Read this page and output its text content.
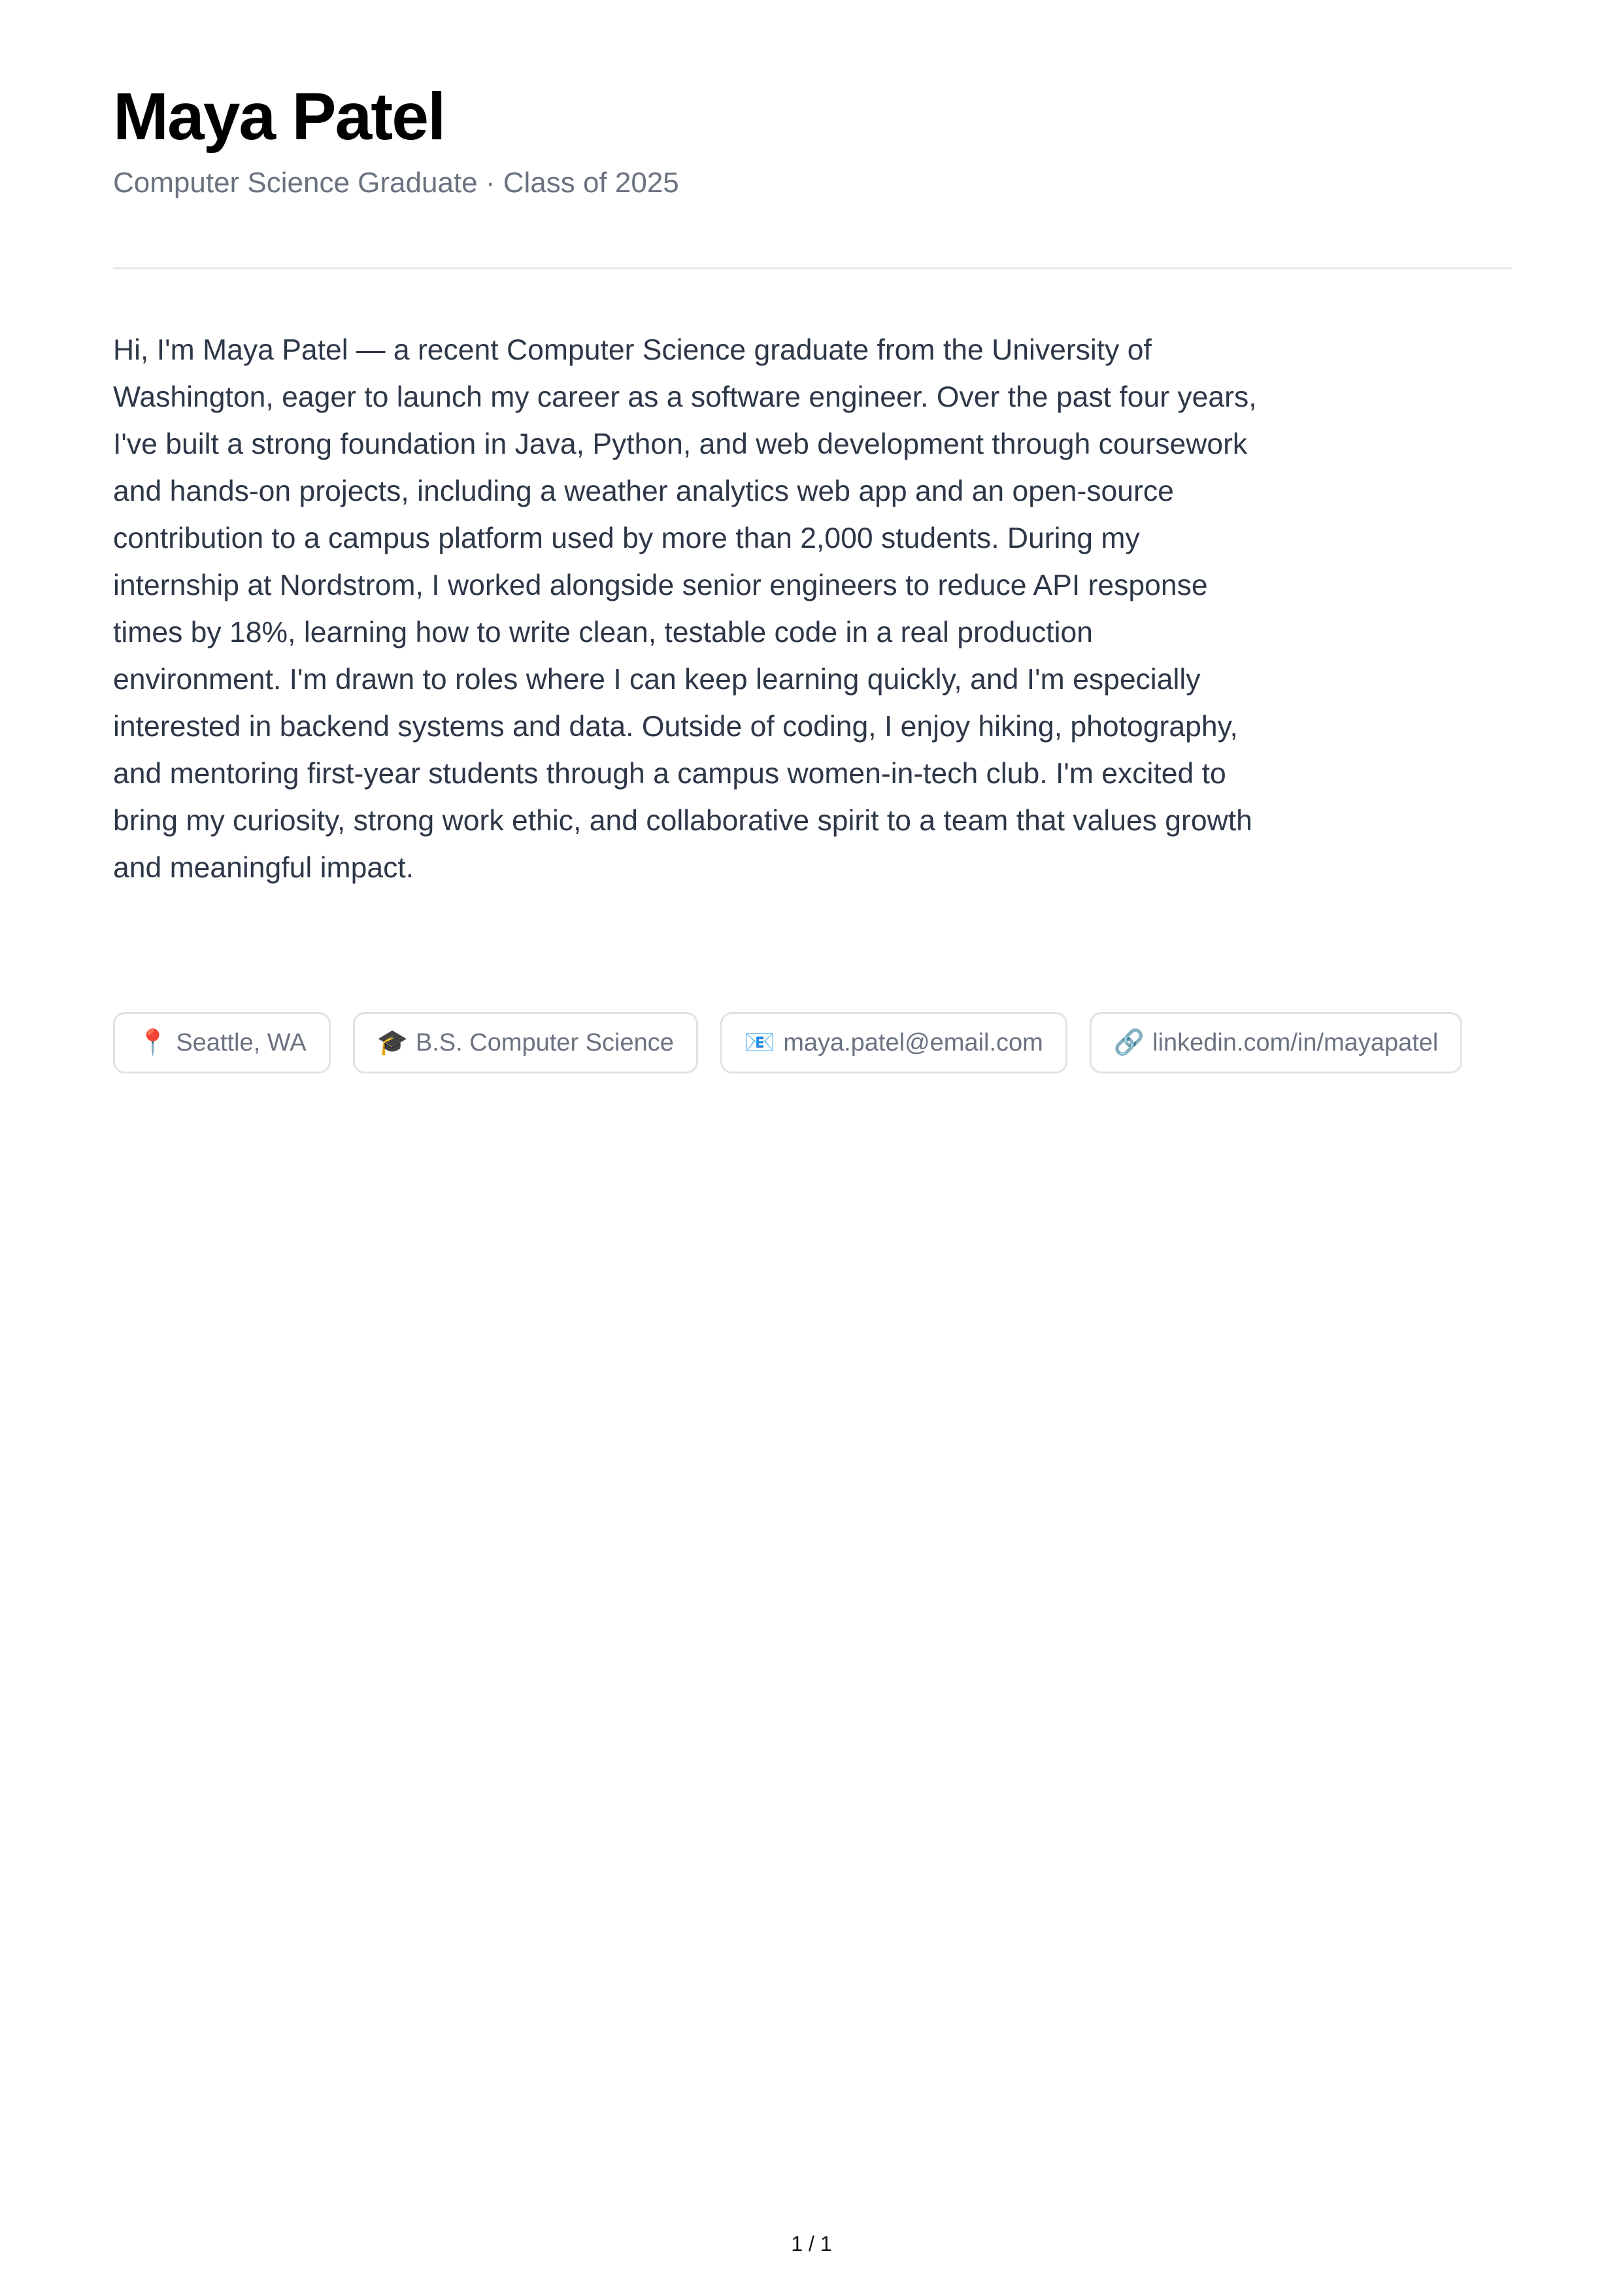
Maya Patel

Computer Science Graduate · Class of 2025

Hi, I'm Maya Patel — a recent Computer Science graduate from the University of Washington, eager to launch my career as a software engineer. Over the past four years, I've built a strong foundation in Java, Python, and web development through coursework and hands-on projects, including a weather analytics web app and an open-source contribution to a campus platform used by more than 2,000 students. During my internship at Nordstrom, I worked alongside senior engineers to reduce API response times by 18%, learning how to write clean, testable code in a real production environment. I'm drawn to roles where I can keep learning quickly, and I'm especially interested in backend systems and data. Outside of coding, I enjoy hiking, photography, and mentoring first-year students through a campus women-in-tech club. I'm excited to bring my curiosity, strong work ethic, and collaborative spirit to a team that values growth and meaningful impact.

📍 Seattle, WA	🎓 B.S. Computer Science	📧 maya.patel@email.com	🔗 linkedin.com/in/mayapatel
1 / 1
